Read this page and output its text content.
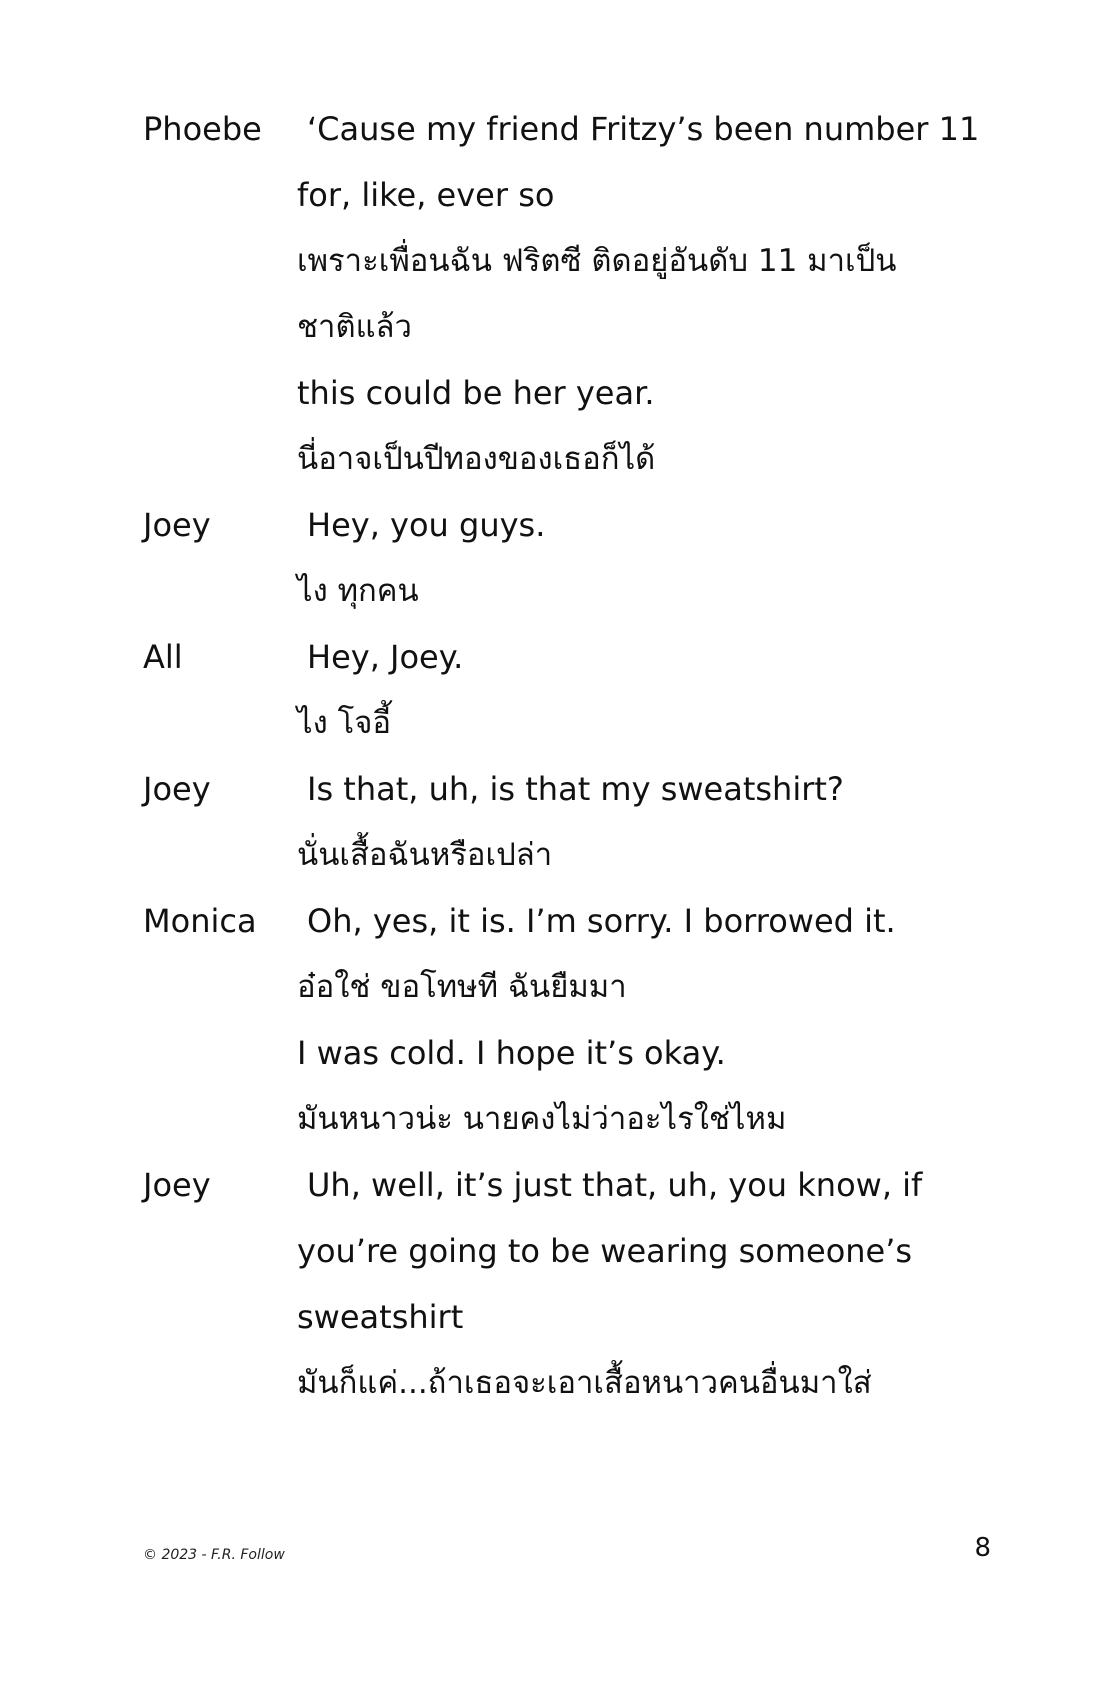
Phoebe	‘Cause my friend Fritzy’s been number 11
for, like, ever so
เพราะเพื่อนฉัน ฟริตซี ติดอยู่อันดับ 11 มาเป็น
ชาติแล้ว
this could be her year.
นี่อาจเป็นปีทองของเธอก็ได้
Joey	Hey, you guys.
ไง ทุกคน
All	Hey, Joey.
ไง โจอี้
Joey	Is that, uh, is that my sweatshirt?
นั่นเสื้อฉันหรือเปล่า
Monica	Oh, yes, it is. I’m sorry. I borrowed it.
อ๋อใช่ ขอโทษที ฉันยืมมา
I was cold. I hope it’s okay.
มันหนาวน่ะ นายคงไม่ว่าอะไรใช่ไหม
Joey	Uh, well, it’s just that, uh, you know, if
you’re going to be wearing someone’s
sweatshirt
มันก็แค่...ถ้าเธอจะเอาเสื้อหนาวคนอื่นมาใส่
© 2023 - F.R. Follow	8
